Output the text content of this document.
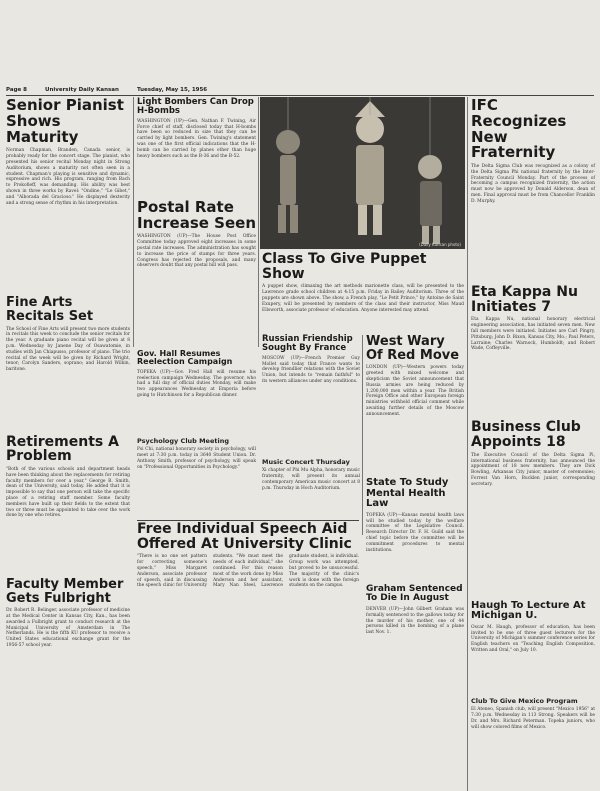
Page 8	University Daily Kansan	Tuesday, May 15, 1956
Senior Pianist Shows Maturity

Norman Chapman, Branden, Canada senior, is probably ready for the concert stage. The pianist, who presented his senior recital Monday night in Strong Auditorium, shows a maturity not often seen in a student. Chapman's playing is sensitive and dynamic, expressive and rich. His program, ranging from Bach to Prokofieff, was demanding. His ability was best shown in three works by Ravel: "Ondine," "Le Gibet," and "Alborada del Gracioso." He displayed dexterity and a strong sense of rhythm in his interpretation.

Fine Arts Recitals Set

The School of Fine Arts will present two more students in recitals this week to conclude the senior recitals for the year. A graduate piano recital will be given at 8 p.m. Wednesday by Janene Day of Osawatomie, in studies with Jan Chiapusso, professor of piano. The trio recital of the week will be given by Richard Wright, tenor; Carolyn Sanders, soprano; and Harold Wilkin, baritone.

Retirements A Problem

"Both of the various schools and department heads have been thinking about the replacements for retiring faculty members for over a year," George B. Smith, dean of the University, said today. He added that it is impossible to say that one person will take the specific place of a retiring staff member. Some faculty members have built up their fields to the extent that two or three must be appointed to take over the work done by one who retires.

Faculty Member Gets Fulbright

Dr. Robert R. Belinger, associate professor of medicine at the Medical Center in Kansas City, Kan., has been awarded a Fulbright grant to conduct research at the Municipal University of Amsterdam in The Netherlands. He is the fifth KU professor to receive a United States educational exchange grant for the 1956-57 school year.

Light Bombers Can Drop H-Bombs

WASHINGTON (UP)—Gen. Nathan F. Twining, Air Force chief of staff, disclosed today that H-bombs have been so reduced in size that they can be carried by light bombers. Gen. Twining's statement was one of the first official indications that the H-bomb can be carried by planes other than huge heavy bombers such as the B-36 and the B-52.

Postal Rate Increase Seen

WASHINGTON (UP)—The House Post Office Committee today approved eight increases in some postal rate increases. The administration has sought to increase the price of stamps for three years. Congress has rejected the proposals, and many observers doubt that any postal bill will pass.

Gov. Hall Resumes Reelection Campaign

TOPEKA (UP)—Gov. Fred Hall will resume his reelection campaign Wednesday. The governor, who had a full day of official duties Monday, will make two appearances Wednesday at Emporia before going to Hutchinson for a Republican dinner.

Psychology Club Meeting

Psi Chi, national honorary society in psychology, will meet at 7:30 p.m. today in 3640 Student Union. Dr. Anthony Smith, professor of psychology, will speak on "Professional Opportunities in Psychology."

(Daily Kansan photo)
Class To Give Puppet Show

A puppet show, climaxing the art methods marionette class, will be presented to the Lawrence grade school children at 4:15 p.m. Friday in Bailey Auditorium. Three of the puppets are shown above. The show, a French play, "Le Petit Prince," by Antoine de Saint Exupery, will be presented by members of the class and their instructor, Miss Maud Ellsworth, associate professor of education. Anyone interested may attend.

Russian Friendship Sought By France

MOSCOW (UP)—French Premier Guy Mollet said today that France wants to develop friendlier relations with the Soviet Union, but intends to "remain faithful" to its western alliances under any conditions.

Music Concert Thursday

Xi chapter of Phi Mu Alpha, honorary music fraternity, will present its annual contemporary American music concert at 8 p.m. Thursday in Hoch Auditorium.

West Wary Of Red Move

LONDON (UP)—Western powers today greeted with mixed welcome and skepticism the Soviet announcement that Russia armies are being reduced by 1,200,000 men within a year. The British Foreign Office and other European foreign ministries withheld official comment while awaiting further details of the Moscow announcement.

State To Study Mental Health Law

TOPEKA (UP)—Kansas mental health laws will be studied today by the welfare committee of the Legislative Council. Research Director Dr. F. H. Guild said the chief topic before the committee will be commitment procedures to mental institutions.

Graham Sentenced To Die In August

DENVER (UP)—John Gilbert Graham was formally sentenced to the gallows today for the murder of his mother, one of 44 persons killed in the bombing of a plane last Nov. 1.

Free Individual Speech Aid Offered At University Clinic

"There is no one set pattern for correcting someone's speech," Miss Margaret Anderson, associate professor of speech, said in discussing the speech clinic for University students. "We must meet the needs of each individual," she continued. For this reason most of the work done by Miss Anderson and her assistant, Mary Nan Steel, Lawrence graduate student, is individual. Group work was attempted, but proved to be unsuccessful. The majority of the clinic's work is done with the foreign students on the campus.

IFC Recognizes New Fraternity

The Delta Sigma Club was recognized as a colony of the Delta Sigma Phi national fraternity by the Inter-Fraternity Council Monday. Part of the process of becoming a campus recognized fraternity, the action must now be approved by Donald Alderson, dean of men. Final approval must be from Chancellor Franklin D. Murphy.

Eta Kappa Nu Initiates 7

Eta Kappa Nu, national honorary electrical engineering association, has initiated seven men. New fall members were initiated. Initiates are Carl Pingry, Pittsburg; John D. Bixon, Kansas City, Mo.; Paul Peters, Larraine; Charles Warnock, Humboldt; and Robert Wade, Coffeyville.

Business Club Appoints 18

The Executive Council of the Delta Sigma Pi, international business fraternity, has announced the appointment of 18 new members. They are Dick Bowling, Arkansas City junior, master of ceremonies; Forrest Van Horn, Bucklen junior, corresponding secretary.

Haugh To Lecture At Michigan U.

Oscar M. Haugh, professor of education, has been invited to be one of three guest lecturers for the University of Michigan's summer conference series for English teachers on "Teaching English Composition, Written and Oral," on July 10.

Club To Give Mexico Program

El Ateneo, Spanish club, will present "Mexico 1956" at 7:30 p.m. Wednesday in 113 Strong. Speakers will be Dr. and Mrs. Richard Peterman. Topeka juniors, who will show colored films of Mexico.
